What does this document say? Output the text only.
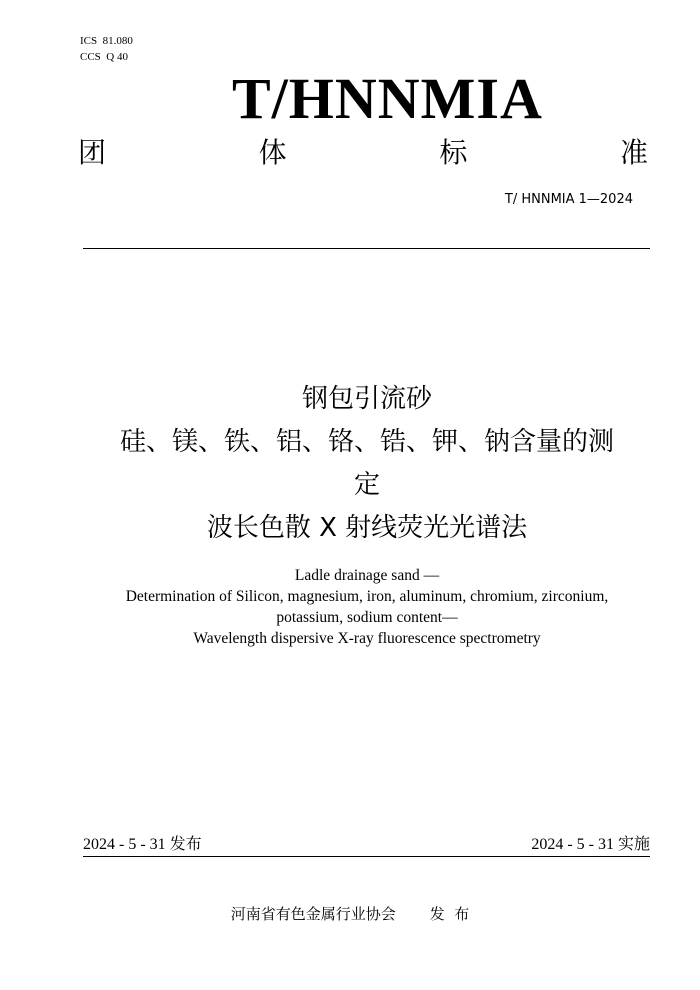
ICS  81.080
CCS  Q 40
T/HNNMIA
团	体	标	准
T/ HNNMIA 1—2024

钢包引流砂

硅、镁、铁、铝、铬、锆、钾、钠含量的测

定

波长色散 X 射线荧光光谱法

Ladle drainage sand —
Determination of Silicon, magnesium, iron, aluminum, chromium, zirconium,
potassium, sodium content—
Wavelength dispersive X-ray fluorescence spectrometry
2024 - 5 - 31 发布	2024 - 5 - 31 实施
河南省有色金属行业协会 发  布
